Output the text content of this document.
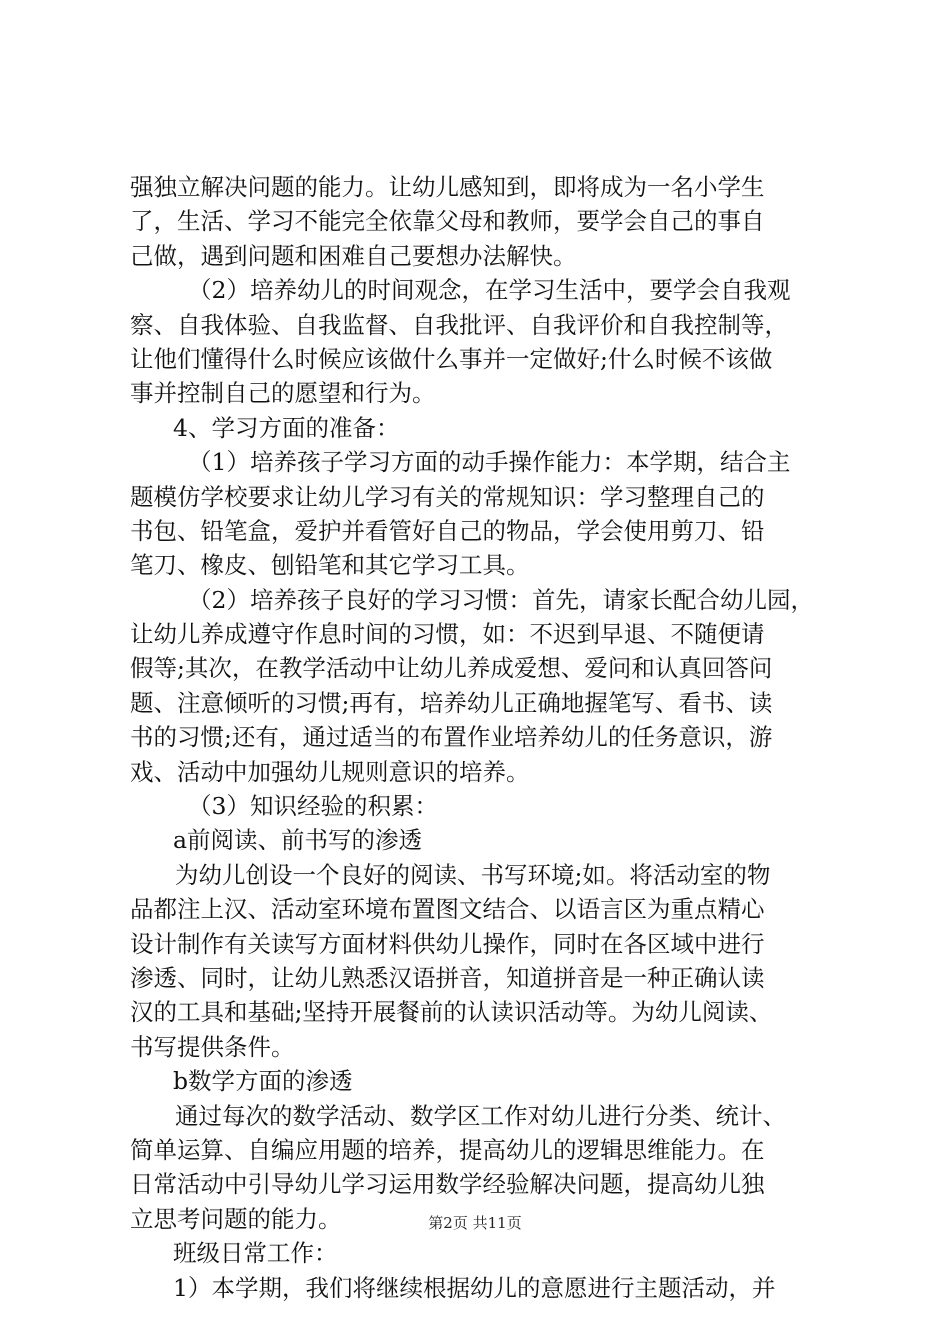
强独立解决问题的能力。让幼儿感知到，即将成为一名小学生
了，生活、学习不能完全依靠父母和教师，要学会自己的事自
己做，遇到问题和困难自己要想办法解快。
（2）培养幼儿的时间观念，在学习生活中，要学会自我观
察、自我体验、自我监督、自我批评、自我评价和自我控制等，
让他们懂得什么时候应该做什么事并一定做好;什么时候不该做
事并控制自己的愿望和行为。
4、学习方面的准备：
（1）培养孩子学习方面的动手操作能力：本学期，结合主
题模仿学校要求让幼儿学习有关的常规知识：学习整理自己的
书包、铅笔盒，爱护并看管好自己的物品，学会使用剪刀、铅
笔刀、橡皮、刨铅笔和其它学习工具。
（2）培养孩子良好的学习习惯：首先，请家长配合幼儿园，
让幼儿养成遵守作息时间的习惯，如：不迟到早退、不随便请
假等;其次，在教学活动中让幼儿养成爱想、爱问和认真回答问
题、注意倾听的习惯;再有，培养幼儿正确地握笔写、看书、读
书的习惯;还有，通过适当的布置作业培养幼儿的任务意识，游
戏、活动中加强幼儿规则意识的培养。
（3）知识经验的积累：
a前阅读、前书写的渗透
为幼儿创设一个良好的阅读、书写环境;如。将活动室的物
品都注上汉、活动室环境布置图文结合、以语言区为重点精心
设计制作有关读写方面材料供幼儿操作，同时在各区域中进行
渗透、同时，让幼儿熟悉汉语拼音，知道拼音是一种正确认读
汉的工具和基础;坚持开展餐前的认读识活动等。为幼儿阅读、
书写提供条件。
b数学方面的渗透
通过每次的数学活动、数学区工作对幼儿进行分类、统计、
简单运算、自编应用题的培养，提高幼儿的逻辑思维能力。在
日常活动中引导幼儿学习运用数学经验解决问题，提高幼儿独
立思考问题的能力。
班级日常工作：
1）本学期，我们将继续根据幼儿的意愿进行主题活动，并
第2页 共11页
